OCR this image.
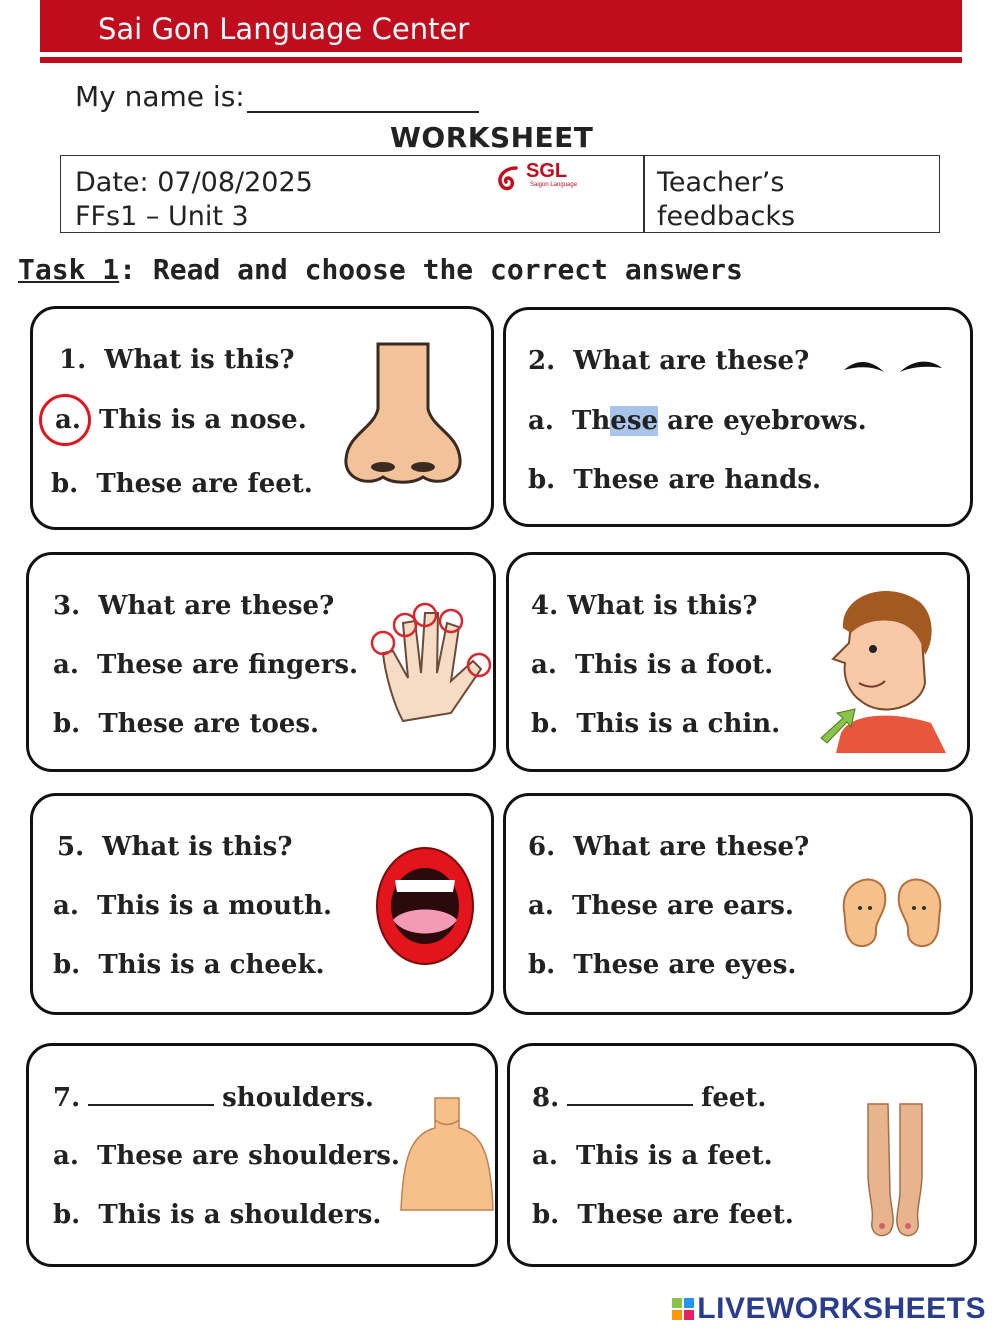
Sai Gon Language Center
My name is:
WORKSHEET
Date: 07/08/2025
FFs1 – Unit 3
SGL
Saigon Language	Teacher’s feedbacks
Task 1: Read and choose the correct answers
1. What is this?
a. This is a nose.
b. These are feet.
2. What are these?
a. These are eyebrows.
b. These are hands.
3. What are these?
a. These are fingers.
b. These are toes.
4. What is this?
a. This is a foot.
b. This is a chin.
5. What is this?
a. This is a mouth.
b. This is a cheek.
6. What are these?
a. These are ears.
b. These are eyes.
7.	shoulders.
a. These are shoulders.
b. This is a shoulders.
8.	feet.
a. This is a feet.
b. These are feet.
LIVEWORKSHEETS
